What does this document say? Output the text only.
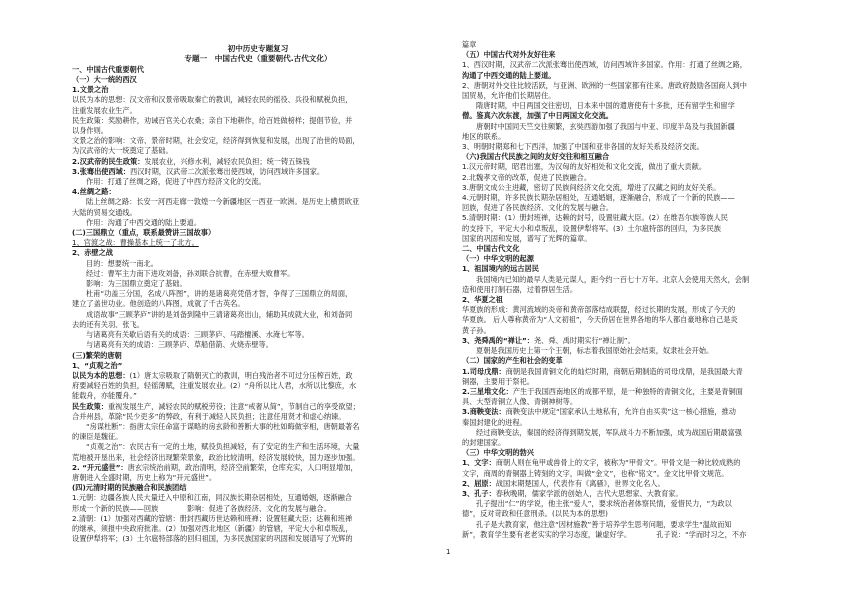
初中历史专题复习
专题一　中国古代史（重要朝代.古代文化）
一、中国古代重要朝代
（一）大一统的西汉
1.文景之治
以民为本的思想：汉文帝和汉景帝吸取秦亡的教训，减轻农民的徭役、兵役和赋税负担，
注重发展农业生产。
民生政策：奖励耕作，劝诫百官关心农桑；亲自下地耕作，给百姓做榜样；提倡节俭，并
以身作则。
文景之治的影响：文帝、景帝时期，社会安定，经济得到恢复和发展，出现了治世的局面，
为汉武帝的大一统奠定了基础。
2.汉武帝的民生政策：发展农业，兴修水利，减轻农民负担；统一铸五铢钱
3.张骞出使西域：西汉时期，汉武帝二次派张骞出使西域，访问西域许多国家。
作用：打通了丝绸之路，促进了中西方经济文化的交流。
4.丝绸之路：
陆上丝绸之路：长安一河西走廊一敦煌一今新疆地区一西亚一欧洲。是历史上横贯欧亚
大陆的贸易交通线。
作用：沟通了中西交通的陆上要道。
(二)三国鼎立（重点，联系最赞讲三国故事）
1、官渡之战：曹操基本上统一了北方。
2、赤壁之战
目的：想要统一南北。
经过：曹军主力南下进攻刘备，孙刘联合抗曹，在赤壁大败曹军。
影响：为三国鼎立奠定了基础。
杜甫“功盖三分国，名成八阵图”，讲的是诸葛亮凭借才智，争得了三国鼎立的局面，
建立了盖世功业。他创造的八阵图，成就了千古英名。
成语故事“三顾茅庐”讲的是刘备到隆中三请诸葛亮出山，辅助其成就大业，和刘备同
去的还有关羽、张飞。
与诸葛亮有关歇后语有关的成语：三顾茅庐、马踏檀溪、水淹七军等。
与诸葛亮有关的成语：三顾茅庐、草船借箭、火烧赤壁等。
(三)繁荣的唐朝
1、“贞观之治”
以民为本的思想：(1）唐太宗吸取了隋朝灭亡的教训，明白残治者不可过分压榨百姓，政
府要减轻百姓的负担，轻徭薄赋，注重发展农业。(2）“舟所以比人君，水所以比黎庶，水
能载舟，亦能覆舟。”
民生政策：重视发展生产，减轻农民的赋税劳役；注意“戒奢从简”，节制自己的享受欲望；
合并州县，革除“民少吏多”的弊政，有利于减轻人民负担；注意任用贤才和虚心纳谏。
“房谋杜断”：指唐太宗任命富于谋略的房玄龄和善断大事的杜如晦做宰相，唐朝最著名
的谏臣是魏征。
“贞观之治”：农民古有一定的土地，赋役负担减轻，有了安定的生产和生活环境，大量
荒地被开垦出来，社会经济出现繁荣景象，政治比较清明，经济发展较快，国力逐步加强。
2. “开元盛世”：唐玄宗统治前期，政治清明，经济空前繁荣，仓库充实，人口明显增加，
唐朝进入全盛时期，历史上称为“开元盛世”。
(四)元清时期的民族融合和民族团结
1.元朝：边疆各族人民大量迁入中原和江南，同汉族长期杂居相处，互通婚姻，逐渐融合
形成一个新的民族——回族　　　　影响：促进了各族经济、文化的发展与融合。
2.清朝：(1）加强对西藏的管辖：册封西藏历世达赖和班禅；设置驻藏大臣；达赖和班禅
的继承，须报中央政府批准。(2）加强对西北地区（新疆）的管辖，平定大小和卓叛乱，
设置伊犁将军；(3）土尔扈特部落的回归祖国，为多民族国家的巩固和发展谱写了光辉的
篇章
（五）中国古代对外友好往来
1、西汉时期，汉武帝二次派张骞出使西域，访问西域许多国家。作用：打通了丝绸之路，
沟通了中西交通的陆上要道。
2、唐朝对外交往比较活跃，与亚洲、欧洲的一些国家都有往来。唐政府鼓励各国商人到中
国贸易，允许他们长期居住。
隋唐时期，中日两国交往密切，日本来中国的遣唐使有十多批，还有留学生和留学
僧。鉴真六次东渡，加强了中日两国文化交流。
唐朝时中国同天竺交往频繁，玄奘西游加强了我国与中亚、印度半岛及与我国新疆
地区的联系。
3、明朝时期郑和七下西洋，加强了中国和亚非各国的友好关系及经济交流。
（六)我国古代民族之间的友好交往和相互融合
1.汉元帝时期，昭君出塞，为汉匈的友好相处和文化交流，做出了重大贡献。
2.北魏孝文帝的改革，促进了民族融合。
3.唐朝文成公主进藏，密切了民族间经济文化交流，增进了汉藏之间的友好关系。
4.元朝时期，许多民族长期杂居相处，互通婚姻，逐渐融合，形成了一个新的民族——
回族，促进了各民族经济、文化的发展与融合。
5.清朝时期：(1）册封班禅，达赖的封号，设置驻藏大臣。(2）在维吾尔族等族人民
的支持下，平定大小和卓叛乱，设置伊犁将军。(3）土尔扈特部的回归，为多民族
国家的巩固和发展，谱写了光辉的篇章。
二、中国古代文化
（一）中华文明的起源
1、祖国境内的远古居民
我国境内已知的最早人类是元谋人，距今约一百七十万年。北京人会使用天然火，会制
造和使用打制石器，过着群居生活。
2、华夏之祖
华夏族的形成：黄河流域的炎帝和黄帝部落结成联盟，经过长期的发展，形成了今天的
华夏族。 后人尊称黄帝为“人文初祖”，今天侨居在世界各地的华人都自豪地称自己是炎
黄子孙。
3、尧舜禹的“禅让”：尧、舜、禹时期实行“禅让制”。
夏朝是我国历史上第一个王朝，标志着我国原始社会结束，奴隶社会开始。
（二）国家的产生和社会的变革
1.司母戊鼎：商朝是我国青铜文化的灿烂时期，商朝后期制造的司母戊鼎，是我国最大青
铜器，主要用于祭祀。
2.三星堆文化：产生于我国西南地区的成都平原，是一种独特的青铜文化，主要是青铜面
具、大型青铜立人像、青铜神树等。
3.商鞅变法：商鞅变法中规定“国家承认土地私有，允许自由买卖”这一核心措施，推动
秦国封建化的进程。
经过商鞅变法，秦国的经济得到期发展，军队战斗力不断加强，成为战国后期最富强
的封建国家。
（三）中华文明的勃兴
1、文字：商朝人则在龟甲或兽骨上的文字，被称为“甲骨文”。甲骨文是一种比较成熟的
文字，商周的青铜器上铸刻的文字，叫做“金文”，也称“铭文”。金文比甲骨文规范。
2、屈原：战国末期楚国人，代表作有《离骚》，世界文化名人。
3、孔子：春秋晚期，儒家学派的创始人，古代大思想家、大教育家。
孔子提出“仁”的学说，他主张“爱人”，要求统治者体察民情，爱惜民力，“为政以
德”，反对苛政和任意刑杀。(以民为本的思想)
孔子是大教育家，他注意“因材施教”善于培养学生思考问题，要求学生“温故而知
新”，教育学生要有老老实实的学习态度，谦虚好学。　　　　孔子说：“学而时习之，不亦
1
